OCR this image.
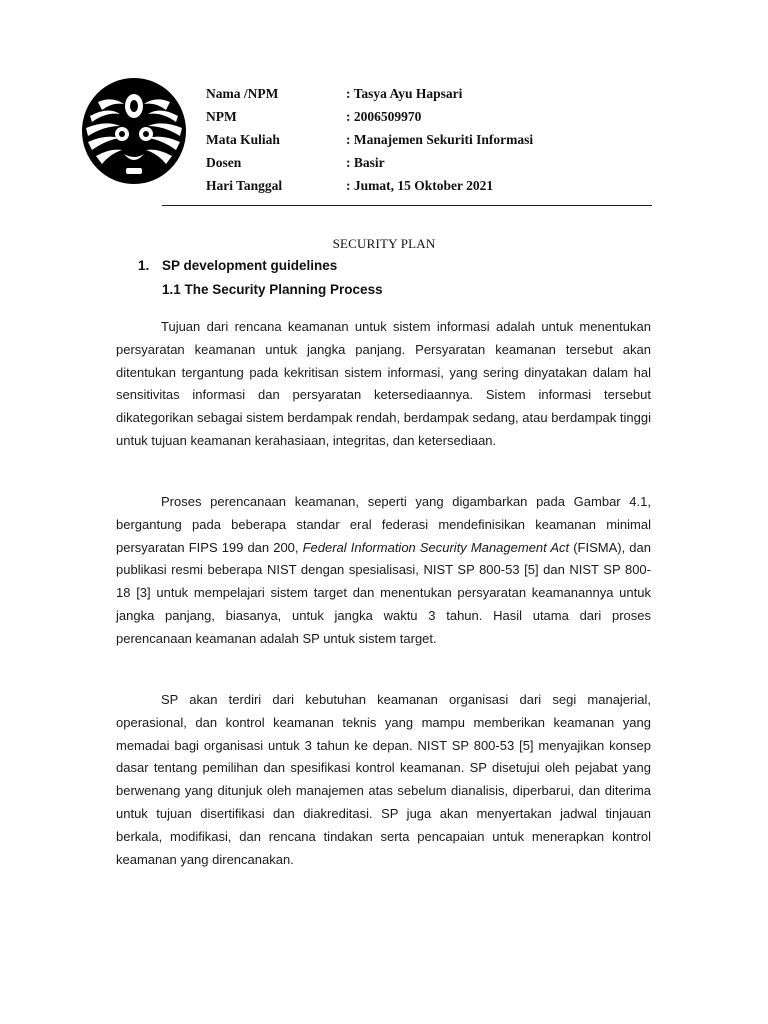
Nama /NPM	: Tasya Ayu Hapsari
NPM	: 2006509970
Mata Kuliah	: Manajemen Sekuriti Informasi
Dosen	: Basir
Hari Tanggal	: Jumat, 15 Oktober 2021
SECURITY PLAN
1. SP development guidelines
1.1 The Security Planning Process

Tujuan dari rencana keamanan untuk sistem informasi adalah untuk menentukan persyaratan keamanan untuk jangka panjang. Persyaratan keamanan tersebut akan ditentukan tergantung pada kekritisan sistem informasi, yang sering dinyatakan dalam hal sensitivitas informasi dan persyaratan ketersediaannya. Sistem informasi tersebut dikategorikan sebagai sistem berdampak rendah, berdampak sedang, atau berdampak tinggi untuk tujuan keamanan kerahasiaan, integritas, dan ketersediaan.

Proses perencanaan keamanan, seperti yang digambarkan pada Gambar 4.1, bergantung pada beberapa standar eral federasi mendefinisikan keamanan minimal persyaratan FIPS 199 dan 200, Federal Information Security Management Act (FISMA), dan publikasi resmi beberapa NIST dengan spesialisasi, NIST SP 800-53 [5] dan NIST SP 800-18 [3] untuk mempelajari sistem target dan menentukan persyaratan keamanannya untuk jangka panjang, biasanya, untuk jangka waktu 3 tahun. Hasil utama dari proses perencanaan keamanan adalah SP untuk sistem target.

SP akan terdiri dari kebutuhan keamanan organisasi dari segi manajerial, operasional, dan kontrol keamanan teknis yang mampu memberikan keamanan yang memadai bagi organisasi untuk 3 tahun ke depan. NIST SP 800-53 [5] menyajikan konsep dasar tentang pemilihan dan spesifikasi kontrol keamanan. SP disetujui oleh pejabat yang berwenang yang ditunjuk oleh manajemen atas sebelum dianalisis, diperbarui, dan diterima untuk tujuan disertifikasi dan diakreditasi. SP juga akan menyertakan jadwal tinjauan berkala, modifikasi, dan rencana tindakan serta pencapaian untuk menerapkan kontrol keamanan yang direncanakan.
